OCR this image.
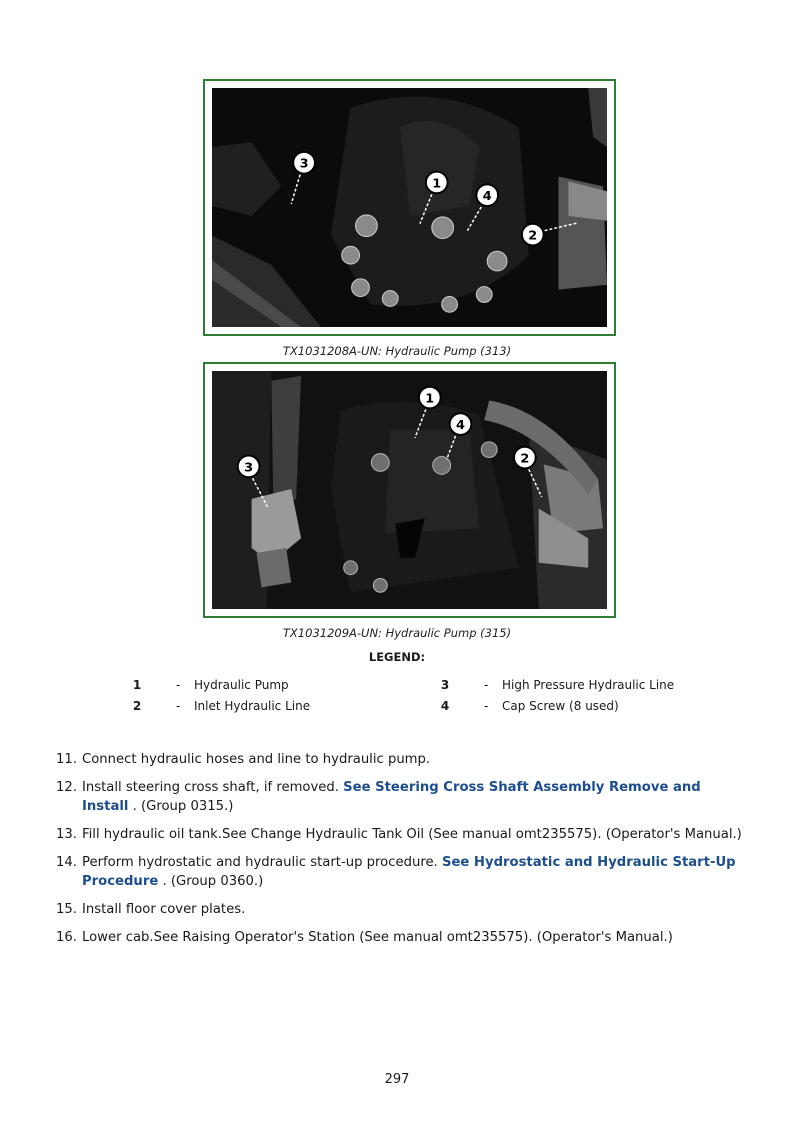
3
1
4
2
TX1031208A-UN: Hydraulic Pump (313)
1
4
3
2
TX1031209A-UN: Hydraulic Pump (315)
LEGEND:
1	- Hydraulic Pump
2	- Inlet Hydraulic Line
3	- High Pressure Hydraulic Line
4	- Cap Screw (8 used)
11. Connect hydraulic hoses and line to hydraulic pump.
12. Install steering cross shaft, if removed. See Steering Cross Shaft Assembly Remove and Install . (Group 0315.)
13. Fill hydraulic oil tank.See Change Hydraulic Tank Oil (See manual omt235575). (Operator's Manual.)
14. Perform hydrostatic and hydraulic start-up procedure. See Hydrostatic and Hydraulic Start-Up Procedure . (Group 0360.)
15. Install floor cover plates.
16. Lower cab.See Raising Operator's Station (See manual omt235575). (Operator's Manual.)
297
